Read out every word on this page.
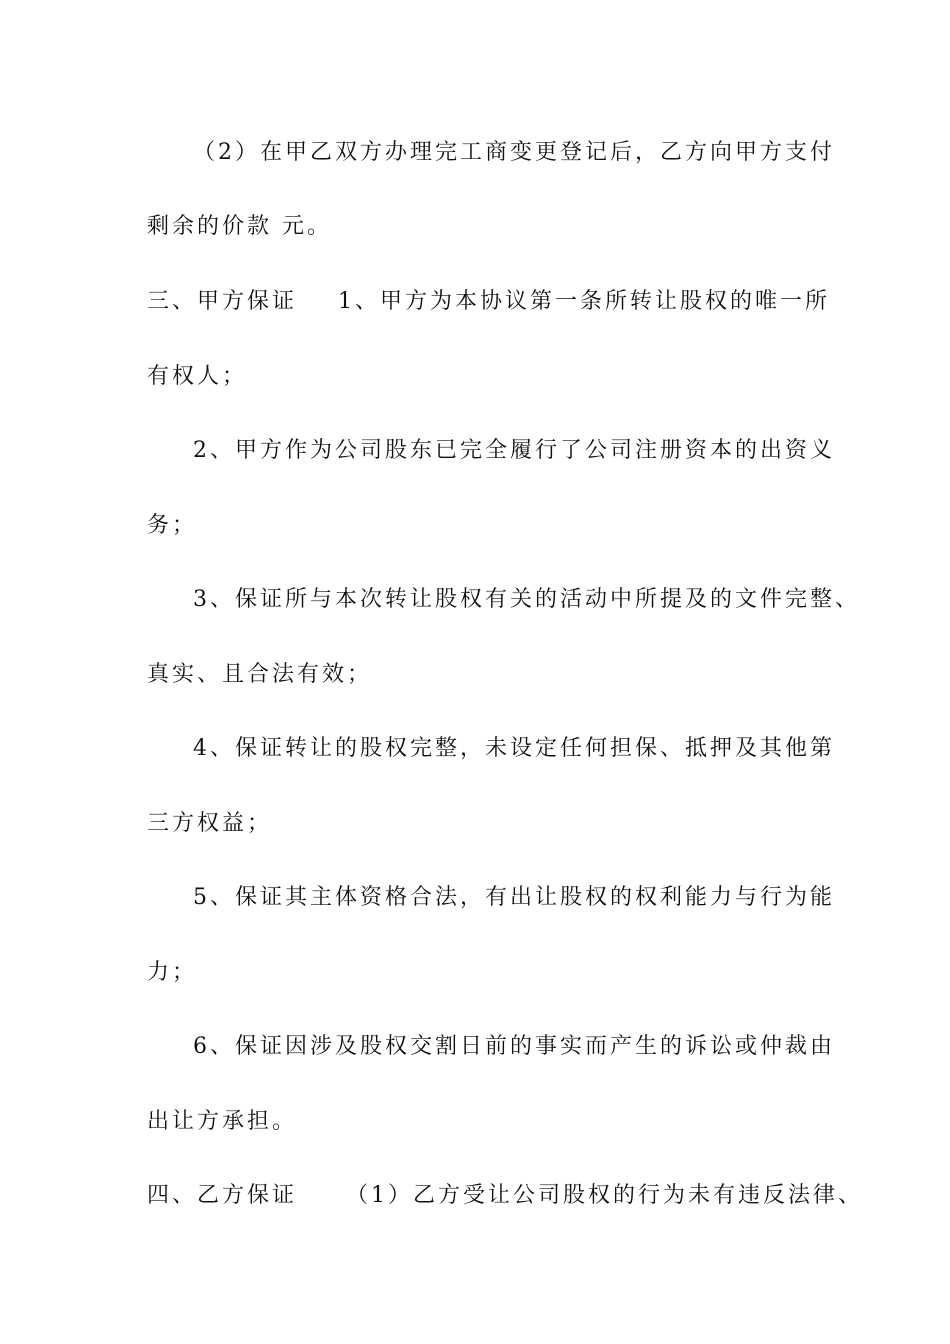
（2）在甲乙双方办理完工商变更登记后，乙方向甲方支付
剩余的价款 元。
三、甲方保证 1、甲方为本协议第一条所转让股权的唯一所
有权人；
2、甲方作为公司股东已完全履行了公司注册资本的出资义
务；
3、保证所与本次转让股权有关的活动中所提及的文件完整、
真实、且合法有效；
4、保证转让的股权完整，未设定任何担保、抵押及其他第
三方权益；
5、保证其主体资格合法，有出让股权的权利能力与行为能
力；
6、保证因涉及股权交割日前的事实而产生的诉讼或仲裁由
出让方承担。
四、乙方保证 （1）乙方受让公司股权的行为未有违反法律、
